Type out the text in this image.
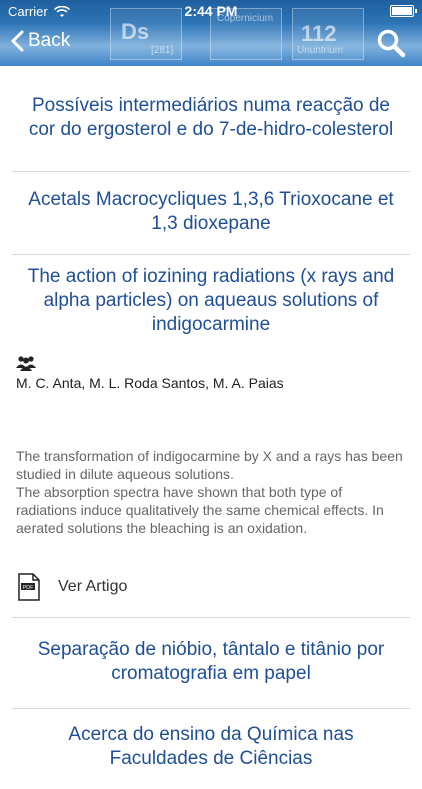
Ds
[281]
Copernicium
112
Ununtrium
Carrier	2:44 PM
Back
Possíveis intermediários numa reacção de cor do ergosterol e do 7-de-hidro-colesterol
Acetals Macrocycliques 1,3,6 Trioxocane et 1,3 dioxepane
The action of iozining radiations (x rays and alpha particles) on aqueaus solutions of indigocarmine
M. C. Anta, M. L. Roda Santos, M. A. Paias
The transformation of indigocarmine by X and a rays has been studied in dilute aqueous solutions.
The absorption spectra have shown that both type of radiations induce qualitatively the same chemical effects. In aerated solutions the bleaching is an oxidation.
PDF Ver Artigo
Separação de nióbio, tântalo e titânio por cromatografia em papel
Acerca do ensino da Química nas Faculdades de Ciências
